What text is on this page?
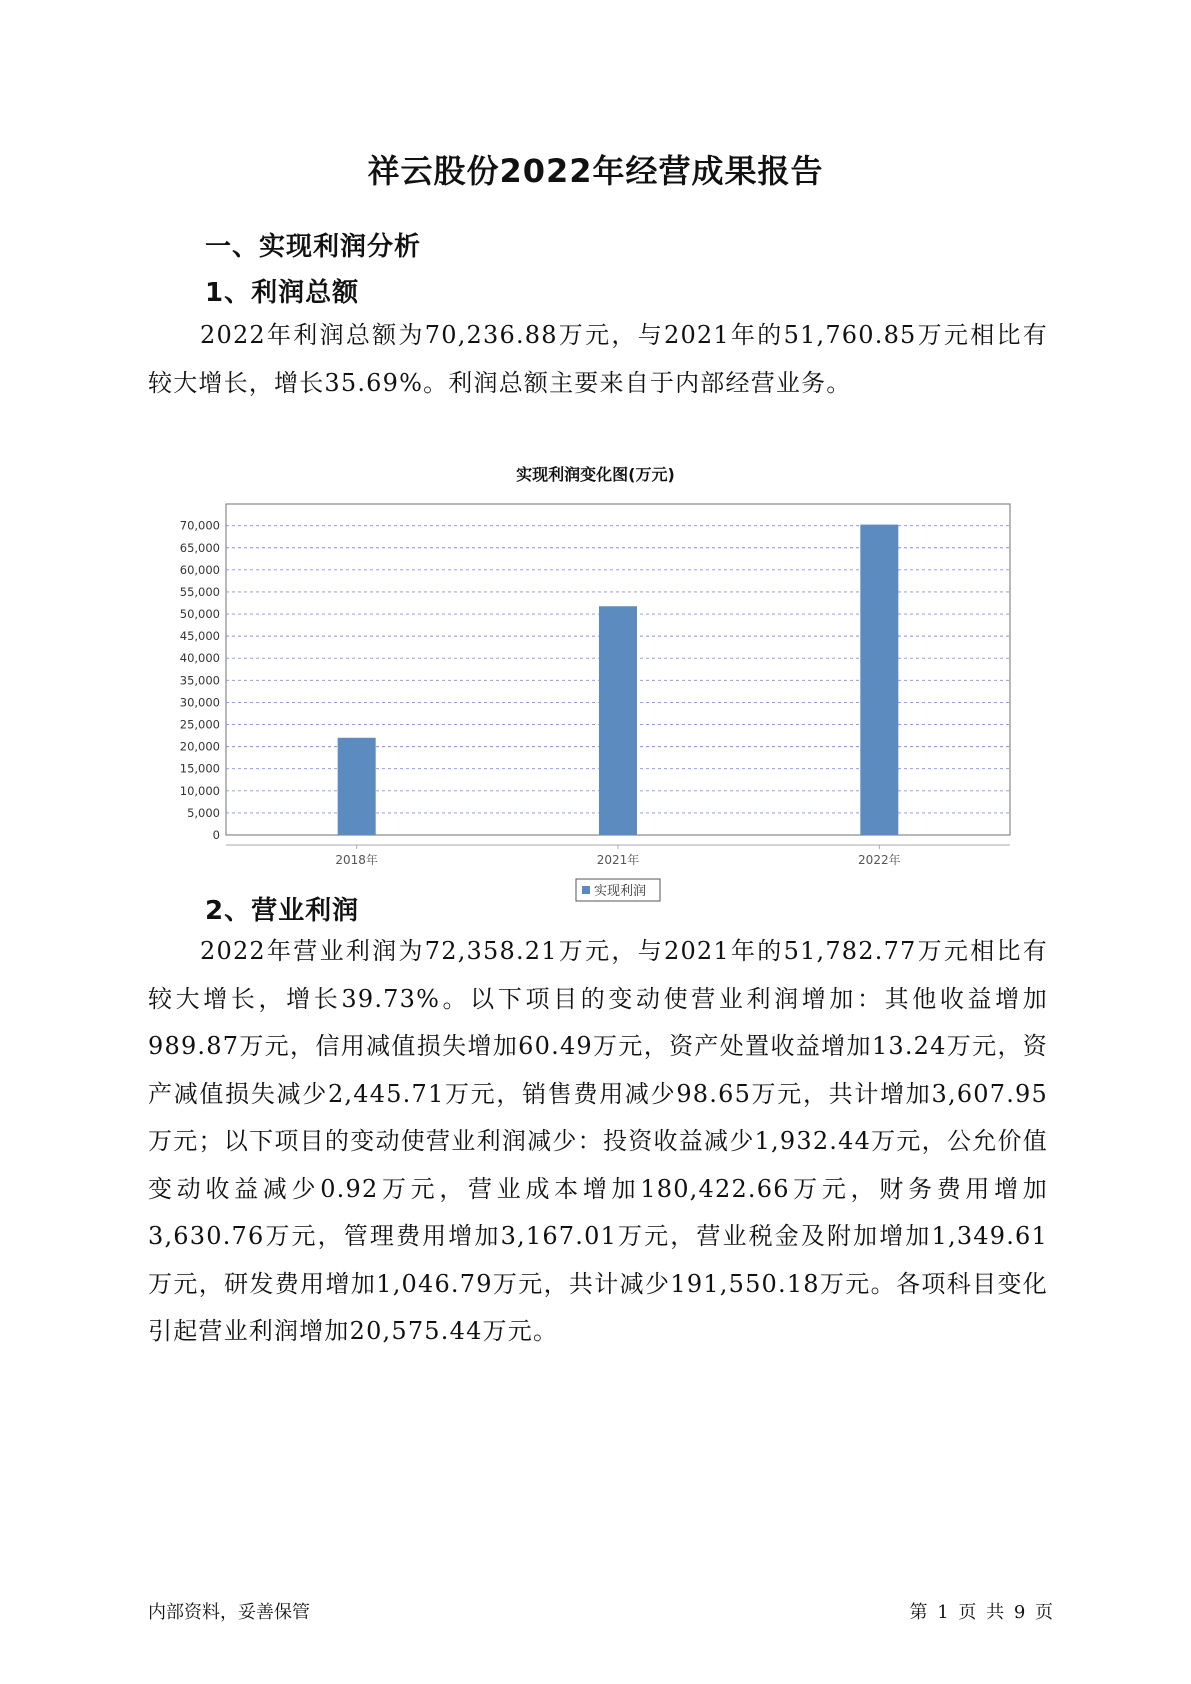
祥云股份2022年经营成果报告
一、实现利润分析
1、利润总额
2022年利润总额为70,236.88万元，与2021年的51,760.85万元相比有较大增长，增长35.69%。利润总额主要来自于内部经营业务。
实现利润变化图(万元)
0
5,000
10,000
15,000
20,000
25,000
30,000
35,000
40,000
45,000
50,000
55,000
60,000
65,000
70,000
2018年	2021年	2022年
实现利润
2、营业利润
2022年营业利润为72,358.21万元，与2021年的51,782.77万元相比有较大增长，增长39.73%。以下项目的变动使营业利润增加：其他收益增加989.87万元，信用减值损失增加60.49万元，资产处置收益增加13.24万元，资产减值损失减少2,445.71万元，销售费用减少98.65万元，共计增加3,607.95万元；以下项目的变动使营业利润减少：投资收益减少1,932.44万元，公允价值变动收益减少0.92万元，营业成本增加180,422.66万元，财务费用增加3,630.76万元，管理费用增加3,167.01万元，营业税金及附加增加1,349.61万元，研发费用增加1,046.79万元，共计减少191,550.18万元。各项科目变化引起营业利润增加20,575.44万元。
内部资料，妥善保管	第 1 页 共 9 页
